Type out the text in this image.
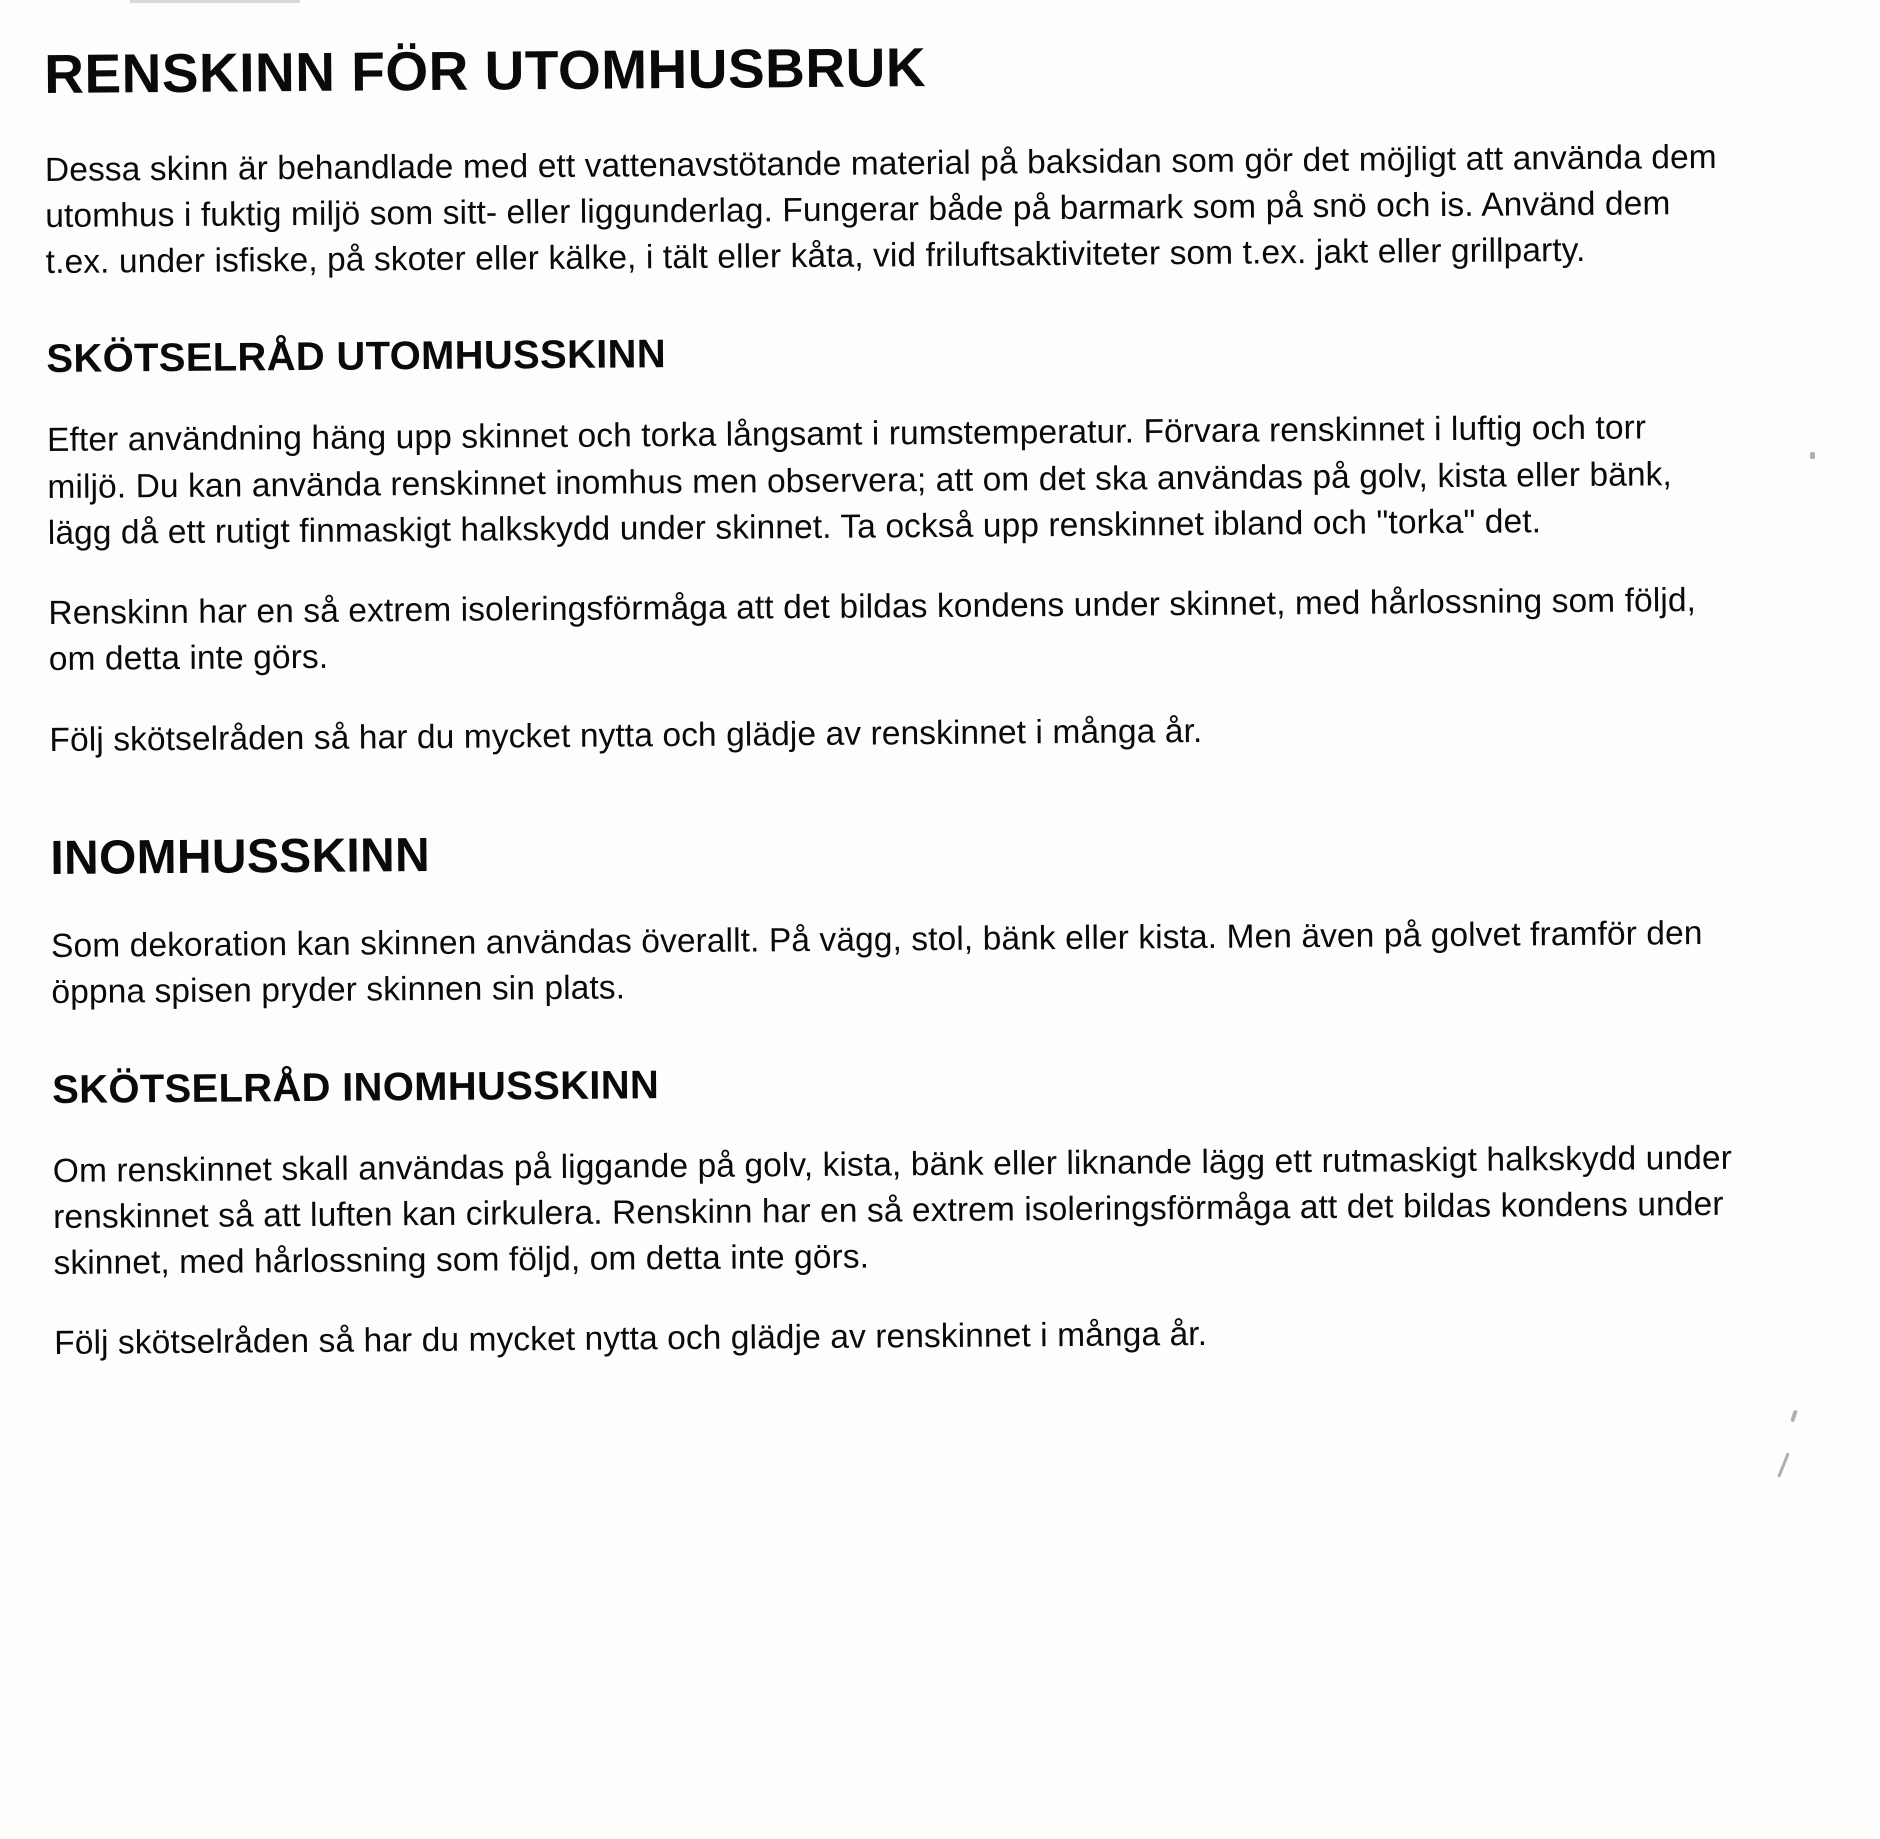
RENSKINN FÖR UTOMHUSBRUK

Dessa skinn är behandlade med ett vattenavstötande material på baksidan som gör det möjligt att använda dem utomhus i fuktig miljö som sitt- eller liggunderlag. Fungerar både på barmark som på snö och is. Använd dem t.ex. under isfiske, på skoter eller kälke, i tält eller kåta, vid friluftsaktiviteter som t.ex. jakt eller grillparty.

SKÖTSELRÅD UTOMHUSSKINN

Efter användning häng upp skinnet och torka långsamt i rumstemperatur. Förvara renskinnet i luftig och torr miljö. Du kan använda renskinnet inomhus men observera; att om det ska användas på golv, kista eller bänk, lägg då ett rutigt finmaskigt halkskydd under skinnet. Ta också upp renskinnet ibland och "torka" det.

Renskinn har en så extrem isoleringsförmåga att det bildas kondens under skinnet, med hårlossning som följd, om detta inte görs.

Följ skötselråden så har du mycket nytta och glädje av renskinnet i många år.

INOMHUSSKINN

Som dekoration kan skinnen användas överallt. På vägg, stol, bänk eller kista. Men även på golvet framför den öppna spisen pryder skinnen sin plats.

SKÖTSELRÅD INOMHUSSKINN

Om renskinnet skall användas på liggande på golv, kista, bänk eller liknande lägg ett rutmaskigt halkskydd under renskinnet så att luften kan cirkulera. Renskinn har en så extrem isoleringsförmåga att det bildas kondens under skinnet, med hårlossning som följd, om detta inte görs.

Följ skötselråden så har du mycket nytta och glädje av renskinnet i många år.
